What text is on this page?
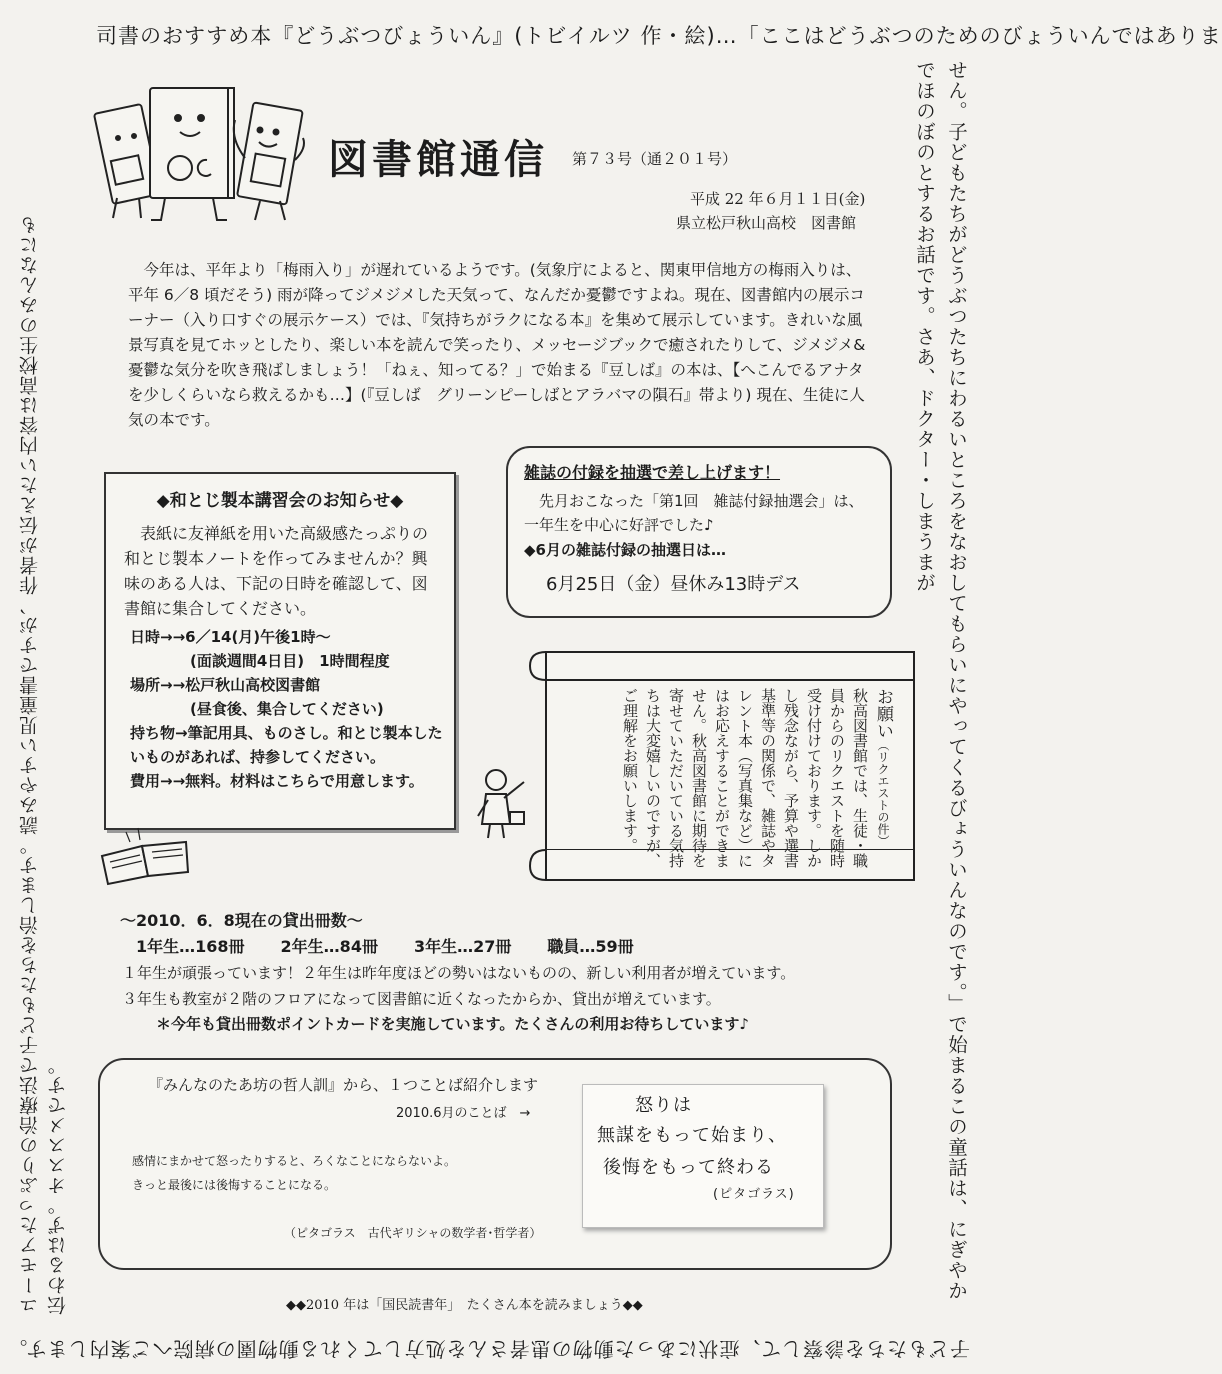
司書のおすすめ本『どうぶつびょういん』(トビイルツ 作・絵)…「ここはどうぶつのためのびょういんではありま
せん。子どもたちがどうぶつたちにわるいところをなおしてもらいにやってくるびょういんなのです。」で始まるこの童話は、にぎやかでほのぼのとするお話です。さあ、ドクター・しまうまが
子どもたちを診察して、症状にあった動物の患者さんを処方してくれる動物園の病院へご案内します。
ユーモアたっぷりの治療法で子どもたちを治します。読みやすい児童書ですが、作者が伝えたい内容は高校生のみんなにも伝わるはず。オススメです。
図書館通信 第７３号（通２０１号）
平成 22 年６月１１日(金)
県立松戸秋山高校　図書館
今年は、平年より「梅雨入り」が遅れているようです。(気象庁によると、関東甲信地方の梅雨入りは、平年 6／8 頃だそう) 雨が降ってジメジメした天気って、なんだか憂鬱ですよね。現在、図書館内の展示コーナー（入り口すぐの展示ケース）では、『気持ちがラクになる本』を集めて展示しています。きれいな風景写真を見てホッとしたり、楽しい本を読んで笑ったり、メッセージブックで癒されたりして、ジメジメ&憂鬱な気分を吹き飛ばしましょう！「ねぇ、知ってる？」で始まる『豆しば』の本は、【へこんでるアナタを少しくらいなら救えるかも…】(『豆しば　グリーンピーしばとアラバマの隕石』帯より) 現在、生徒に人気の本です。
◆和とじ製本講習会のお知らせ◆
表紙に友禅紙を用いた高級感たっぷりの和とじ製本ノートを作ってみませんか？興味のある人は、下記の日時を確認して、図書館に集合してください。
日時→→6／14(月)午後1時～
(面談週間4日目)　1時間程度
場所→→松戸秋山高校図書館
(昼食後、集合してください)
持ち物→筆記用具、ものさし。和とじ製本したいものがあれば、持参してください。
費用→→無料。材料はこちらで用意します。
雑誌の付録を抽選で差し上げます！
先月おこなった「第1回　雑誌付録抽選会」は、一年生を中心に好評でした♪
◆6月の雑誌付録の抽選日は…
6月25日（金）昼休み13時デス
お願い（リクエストの件）
秋高図書館では、生徒・職員からのリクエストを随時受け付けております。しかし残念ながら、予算や選書基準等の関係で、雑誌やタレント本（写真集など）にはお応えすることができません。秋高図書館に期待を寄せていただいている気持ちは大変嬉しいのですが、ご理解をお願いします。
～2010．6．8現在の貸出冊数～
1年生…168冊 2年生…84冊 3年生…27冊 職員…59冊
１年生が頑張っています！２年生は昨年度ほどの勢いはないものの、新しい利用者が増えています。
３年生も教室が２階のフロアになって図書館に近くなったからか、貸出が増えています。
＊今年も貸出冊数ポイントカードを実施しています。たくさんの利用お待ちしています♪
『みんなのたあ坊の哲人訓』から、１つことば紹介します
2010.6月のことば　→
感情にまかせて怒ったりすると、ろくなことにならないよ。
きっと最後には後悔することになる。
（ピタゴラス　古代ギリシャの数学者･哲学者）
怒りは
無謀をもって始まり、
後悔をもって終わる
(ピタゴラス)
◆◆2010 年は「国民読書年」　たくさん本を読みましょう◆◆
